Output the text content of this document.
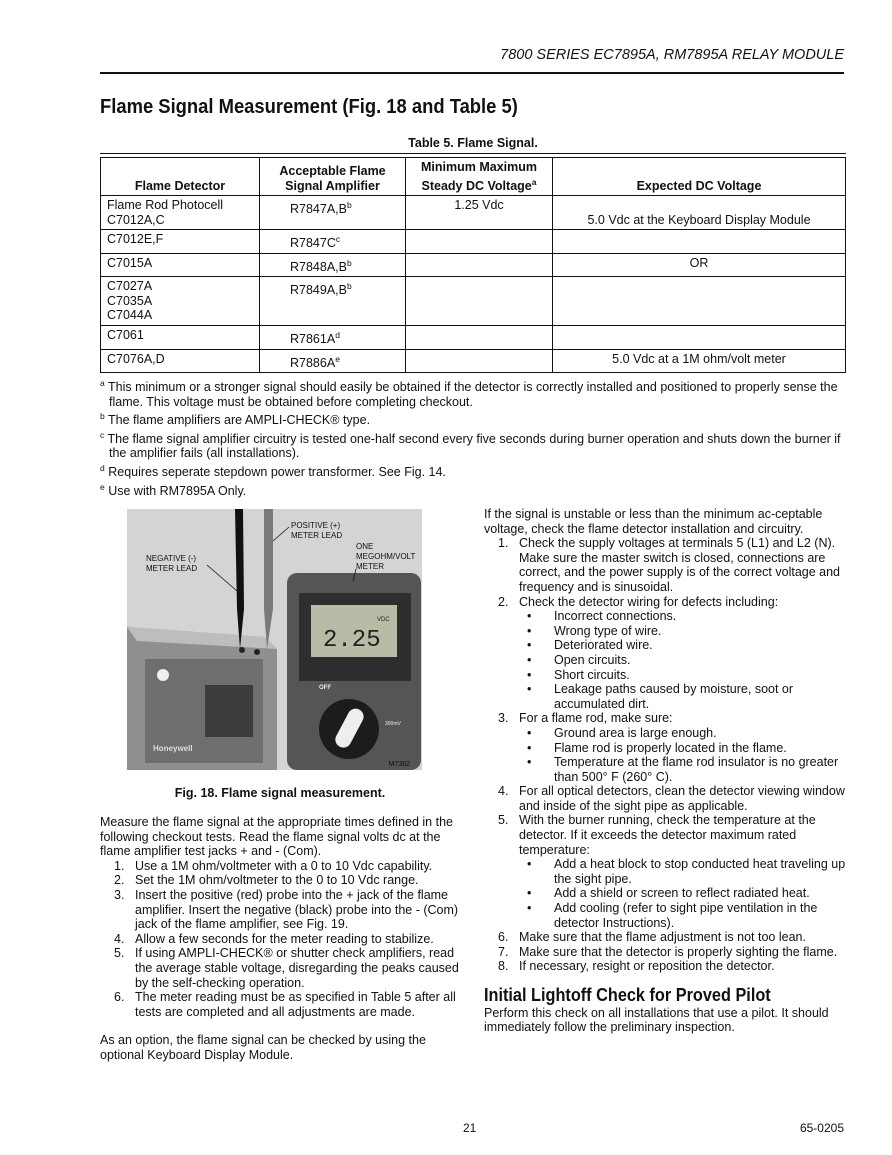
7800 SERIES EC7895A, RM7895A RELAY MODULE
Flame Signal Measurement (Fig. 18 and Table 5)
Table 5. Flame Signal.
Flame Detector	Acceptable Flame Signal Amplifier	Minimum Maximum Steady DC Voltage$^a$	Expected DC Voltage
Flame Rod Photocell
C7012A,C	$R7847A,B^b$	1.25 Vdc	5.0 Vdc at the Keyboard Display Module
C7012E,F	$R7847C^c$		
C7015A	$R7848A,B^b$		OR
C7027A
C7035A
C7044A	$R7849A,B^b$		
C7061	$R7861A^d$		
C7076A,D	$R7886A^e$		5.0 Vdc at a 1M ohm/volt meter
$^a$ This minimum or a stronger signal should easily be obtained if the detector is correctly installed and positioned to properly sense the flame. This voltage must be obtained before completing checkout.
$^b$ The flame amplifiers are AMPLI-CHECK® type.
$^c$ The flame signal amplifier circuitry is tested one-half second every five seconds during burner operation and shuts down the burner if the amplifier fails (all installations).
$^d$ Requires seperate stepdown power transformer. See Fig. 14.
$^e$ Use with RM7895A Only.
Honeywell
2.25
VDC
OFF
300mV
POSITIVE (+)
METER LEAD
NEGATIVE (-)
METER LEAD
ONE
MEGOHM/VOLT
METER
M7382
Fig. 18. Flame signal measurement.

Measure the flame signal at the appropriate times defined in the following checkout tests. Read the flame signal volts dc at the flame amplifier test jacks + and - (Com).

1. Use a 1M ohm/voltmeter with a 0 to 10 Vdc capability.
2. Set the 1M ohm/voltmeter to the 0 to 10 Vdc range.
3. Insert the positive (red) probe into the + jack of the flame amplifier. Insert the negative (black) probe into the - (Com) jack of the flame amplifier, see Fig. 19.
4. Allow a few seconds for the meter reading to stabilize.
5. If using AMPLI-CHECK® or shutter check amplifiers, read the average stable voltage, disregarding the peaks caused by the self-checking operation.
6. The meter reading must be as specified in Table 5 after all tests are completed and all adjustments are made.

As an option, the flame signal can be checked by using the optional Keyboard Display Module.

If the signal is unstable or less than the minimum ac-ceptable voltage, check the flame detector installation and circuitry.

1. Check the supply voltages at terminals 5 (L1) and L2 (N). Make sure the master switch is closed, connections are correct, and the power supply is of the correct voltage and frequency and is sinusoidal.
2. Check the detector wiring for defects including:
• Incorrect connections.
• Wrong type of wire.
• Deteriorated wire.
• Open circuits.
• Short circuits.
• Leakage paths caused by moisture, soot or accumulated dirt.
3. For a flame rod, make sure:
• Ground area is large enough.
• Flame rod is properly located in the flame.
• Temperature at the flame rod insulator is no greater than 500° F (260° C).
4. For all optical detectors, clean the detector viewing window and inside of the sight pipe as applicable.
5. With the burner running, check the temperature at the detector. If it exceeds the detector maximum rated temperature:
• Add a heat block to stop conducted heat traveling up the sight pipe.
• Add a shield or screen to reflect radiated heat.
• Add cooling (refer to sight pipe ventilation in the detector Instructions).
6. Make sure that the flame adjustment is not too lean.
7. Make sure that the detector is properly sighting the flame.
8. If necessary, resight or reposition the detector.
Initial Lightoff Check for Proved Pilot

Perform this check on all installations that use a pilot. It should immediately follow the preliminary inspection.

21	65-0205
